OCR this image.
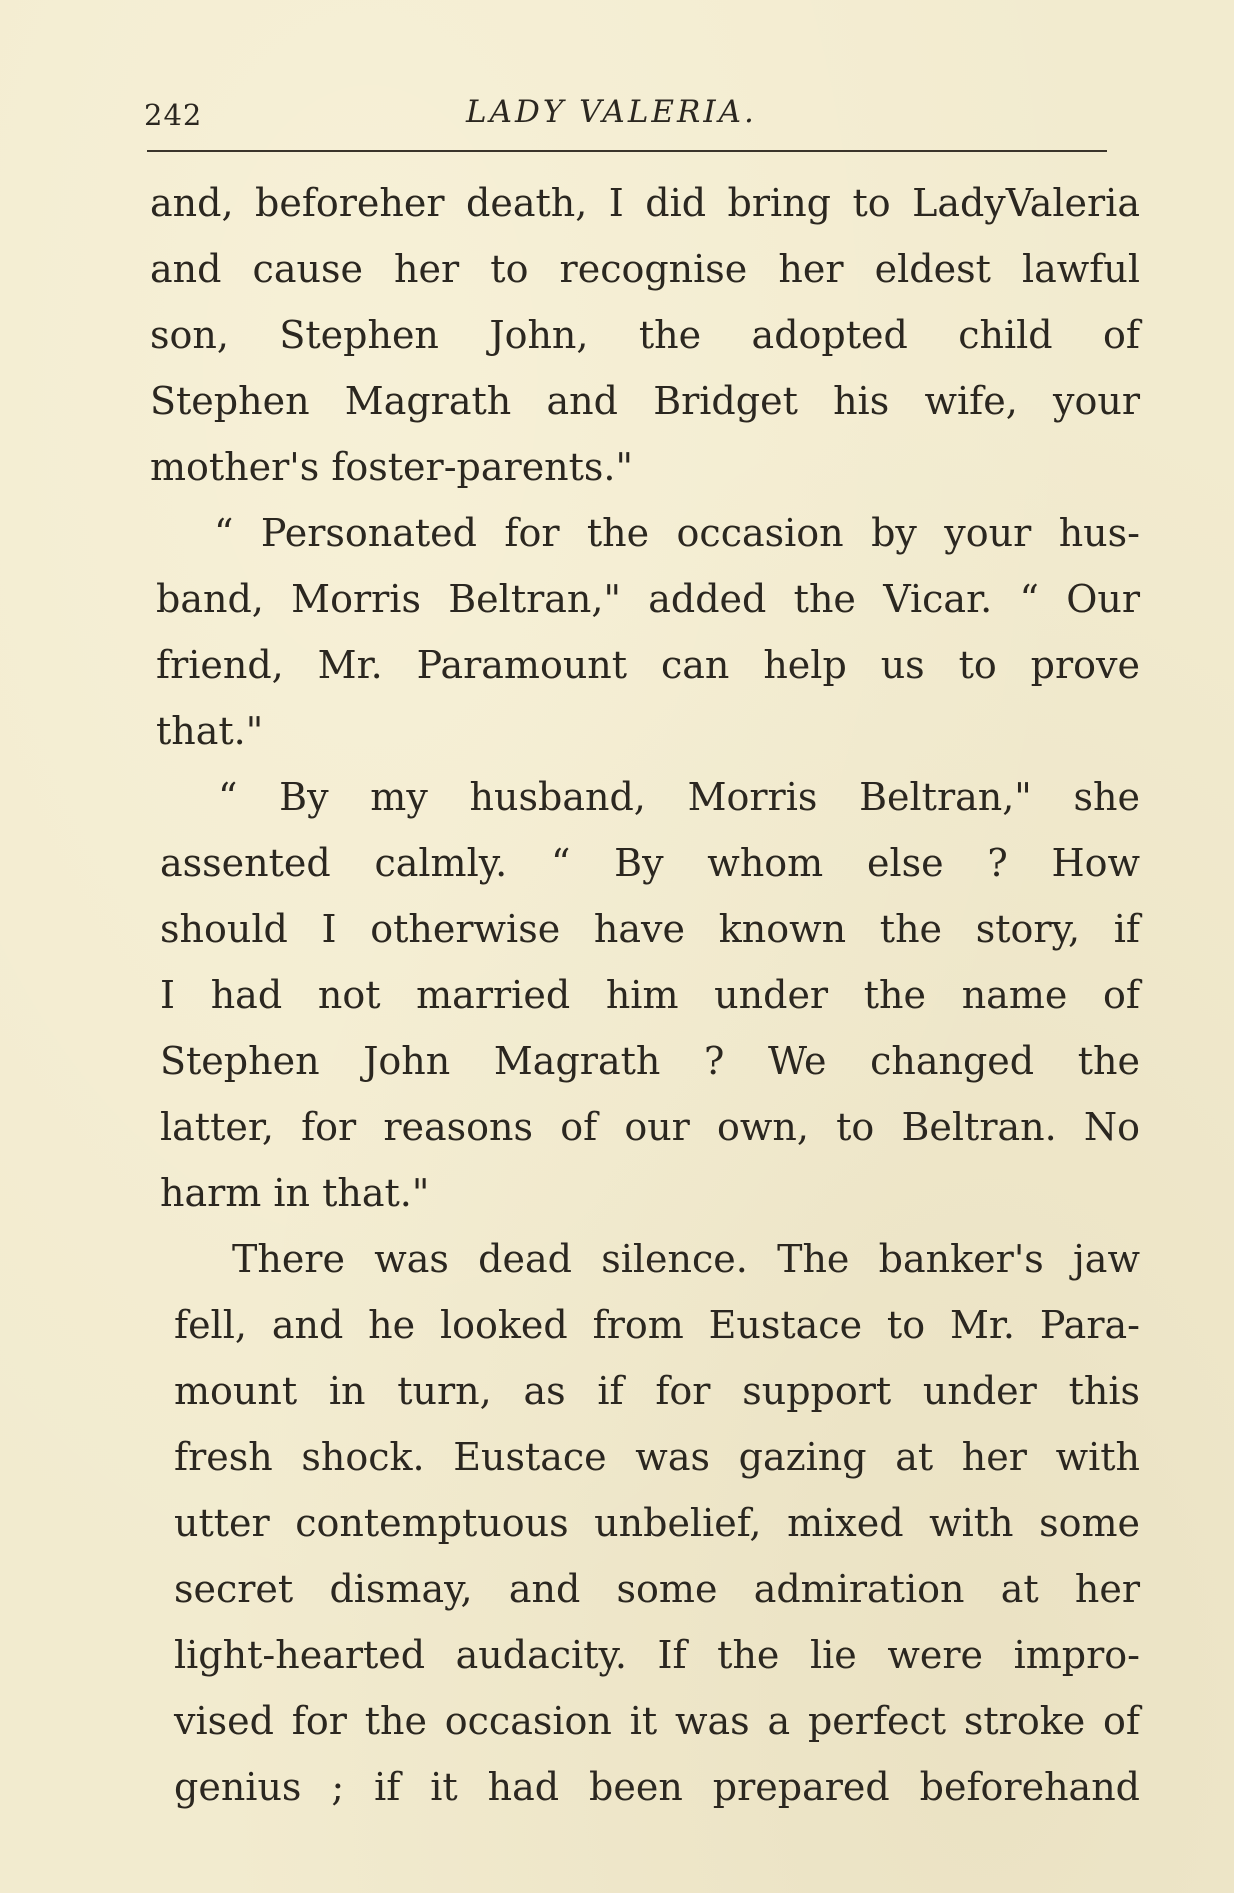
242	LADY VALERIA.
and, beforeher death, I did bring to LadyValeria
and cause her to recognise her eldest lawful
son, Stephen John, the adopted child of
Stephen Magrath and Bridget his wife, your
mother's foster-parents."
“ Personated for the occasion by your hus-
band, Morris Beltran," added the Vicar. “ Our
friend, Mr. Paramount can help us to prove
that."
“ By my husband, Morris Beltran," she
assented calmly. “ By whom else ? How
should I otherwise have known the story, if
I had not married him under the name of
Stephen John Magrath ? We changed the
latter, for reasons of our own, to Beltran. No
harm in that."
There was dead silence. The banker's jaw
fell, and he looked from Eustace to Mr. Para-
mount in turn, as if for support under this
fresh shock. Eustace was gazing at her with
utter contemptuous unbelief, mixed with some
secret dismay, and some admiration at her
light-hearted audacity. If the lie were impro-
vised for the occasion it was a perfect stroke of
genius ; if it had been prepared beforehand
